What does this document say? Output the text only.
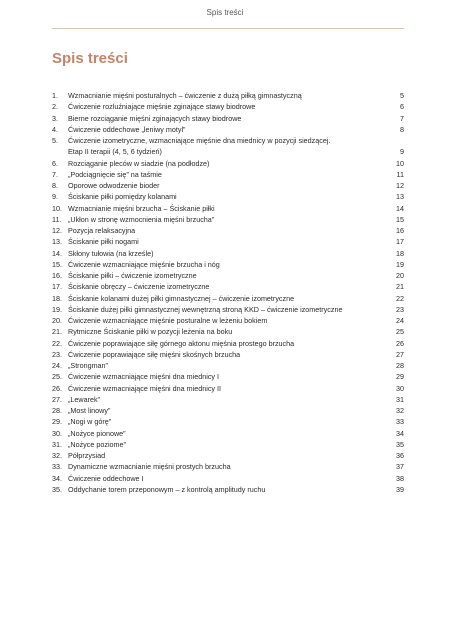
Spis treści
Spis treści
1.	Wzmacnianie mięśni posturalnych – ćwiczenie z dużą piłką gimnastyczną	5
2.	Ćwiczenie rozluźniające mięśnie zginające stawy biodrowe	6
3.	Bierne rozciąganie mięśni zginających stawy biodrowe	7
4.	Ćwiczenie oddechowe „leniwy motyl”	8
5.	Ćwiczenie izometryczne, wzmacniające mięśnie dna miednicy w pozycji siedzącej.
Etap II terapii (4, 5, 6 tydzień)	9
6.	Rozciąganie pleców w siadzie (na podłodze)	10
7.	„Podciągnięcie się” na taśmie	11
8.	Oporowe odwodzenie bioder	12
9.	Ściskanie piłki pomiędzy kolanami	13
10. Wzmacnianie mięśni brzucha – Ściskanie piłki	14
11. „Ukłon w stronę wzmocnienia mięśni brzucha”	15
12. Pozycja relaksacyjna	16
13. Ściskanie piłki nogami	17
14. Skłony tułowia (na krześle)	18
15. Ćwiczenie wzmacniające mięśnie brzucha i nóg	19
16. Ściskanie piłki – ćwiczenie izometryczne	20
17. Ściskanie obręczy – ćwiczenie izometryczne	21
18. Ściskanie kolanami dużej piłki gimnastycznej – ćwiczenie izometryczne	22
19. Ściskanie dużej piłki gimnastycznej wewnętrzną stroną KKD – ćwiczenie izometryczne	23
20. Ćwiczenie wzmacniające mięśnie posturalne w leżeniu bokiem	24
21. Rytmiczne Ściskanie piłki w pozycji leżenia na boku	25
22. Ćwiczenie poprawiające siłę górnego aktonu mięśnia prostego brzucha	26
23. Ćwiczenie poprawiające siłę mięśni skośnych brzucha	27
24. „Strongman”	28
25. Ćwiczenie wzmacniające mięśni dna miednicy I	29
26. Ćwiczenie wzmacniające mięśni dna miednicy II	30
27. „Lewarek”	31
28. „Most linowy”	32
29. „Nogi w górę”	33
30. „Nożyce pionowe”	34
31. „Nożyce poziome”	35
32. Półprzysiad	36
33. Dynamiczne wzmacnianie mięśni prostych brzucha	37
34. Ćwiczenie oddechowe I	38
35. Oddychanie torem przeponowym – z kontrolą amplitudy ruchu	39
